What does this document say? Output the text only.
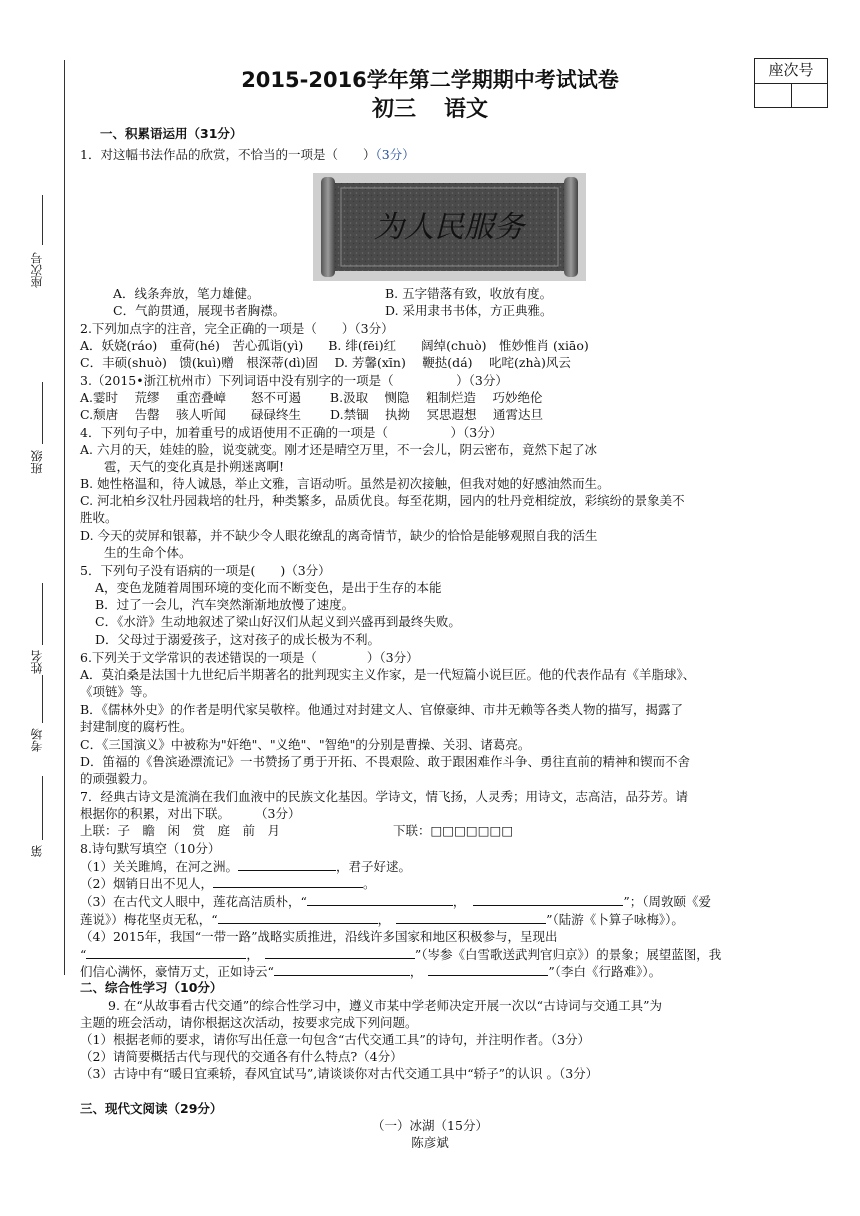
座次号
班级
姓名
考场
第
座次号
2015-2016学年第二学期期中考试试卷
初三 语文
一、积累语运用（31分）
1．对这幅书法作品的欣赏，不恰当的一项是（　　）（3分）
为人民服务
A．线条奔放，笔力雄健。	B. 五字错落有致，收放有度。
C．气韵贯通，展现书者胸襟。	D. 采用隶书书体，方正典雅。
2.下列加点字的注音，完全正确的一项是（　　）（3分）
A．妖娆(ráo)　重荷(hé)　苦心孤诣(yì)　　B. 绯(fēi)红　　阔绰(chuò)　惟妙惟肖 (xiāo)
C．丰硕(shuò)　馈(kuì)赠　根深蒂(dì)固　 D. 芳馨(xīn)　 鞭挞(dá)　 叱咤(zhà)风云
3.（2015•浙江杭州市）下列词语中没有别字的一项是（　　　　　）（3分）
A.霎时　 荒缪　 重峦叠嶂　　怒不可遏　　 B.汲取　 恻隐　 粗制烂造　 巧妙绝伦
C.颓唐　 告罄　 骇人听闻　　碌碌终生　　 D.禁锢　 执拗　 冥思遐想　 通霄达旦
4．下列句子中，加着重号的成语使用不正确的一项是（　　　　　）（3分）
A. 六月的天，娃娃的脸，说变就变。刚才还是晴空万里，不一会儿，阴云密布，竟然下起了冰
雹，天气的变化真是扑朔迷离啊!
B. 她性格温和，待人诚恳，举止文雅，言语动听。虽然是初次接触，但我对她的好感油然而生。
C. 河北柏乡汉牡丹园栽培的牡丹，种类繁多，品质优良。每至花期，园内的牡丹竞相绽放，彩缤纷的景象美不
胜收。
D. 今天的荧屏和银幕，并不缺少令人眼花缭乱的离奇情节，缺少的恰恰是能够观照自我的活生
生的生命个体。
5．下列句子没有语病的一项是(　　)（3分）
A，变色龙随着周围环境的变化而不断变色，是出于生存的本能
B．过了一会儿，汽车突然渐渐地放慢了速度。
C．《水浒》生动地叙述了梁山好汉们从起义到兴盛再到最终失败。
D．父母过于溺爱孩子，这对孩子的成长极为不利。
6.下列关于文学常识的表述错误的一项是（　　　　）（3分）
A．莫泊桑是法国十九世纪后半期著名的批判现实主义作家，是一代短篇小说巨匠。他的代表作品有《羊脂球》、
《项链》等。
B．《儒林外史》的作者是明代家吴敬梓。他通过对封建文人、官僚豪绅、市井无赖等各类人物的描写，揭露了
封建制度的腐朽性。
C．《三国演义》中被称为"奸绝"、"义绝"、"智绝"的分别是曹操、关羽、诸葛亮。
D．笛福的《鲁滨逊漂流记》一书赞扬了勇于开拓、不畏艰险、敢于跟困难作斗争、勇往直前的精神和锲而不舍
的顽强毅力。
7．经典古诗文是流淌在我们血液中的民族文化基因。学诗文，情飞扬，人灵秀；用诗文，志高洁，品芬芳。请
根据你的积累，对出下联。　　　（3分）
上联：子　瞻　闲　赏　庭　前　月	下联：□□□□□□□
8.诗句默写填空（10分）
（1）关关雎鸠，在河之洲。	，君子好逑。
（2）烟销日出不见人，	。
（3）在古代文人眼中，莲花高洁质朴，“	，	”；（周敦颐《爱
莲说》）梅花坚贞无私，“	，	”（陆游《卜算子咏梅》）。
（4）2015年，我国“一带一路”战略实质推进，沿线许多国家和地区积极参与，呈现出
“	，	”（岑参《白雪歌送武判官归京》）的景象；展望蓝图，我
们信心满怀，豪情万丈，正如诗云“	，	”（李白《行路难》）。
二、综合性学习（10分）
9. 在“从故事看古代交通”的综合性学习中，遵义市某中学老师决定开展一次以“古诗词与交通工具”为
主题的班会活动，请你根据这次活动，按要求完成下列问题。
（1）根据老师的要求，请你写出任意一句包含“古代交通工具”的诗句，并注明作者。（3分）
（2）请简要概括古代与现代的交通各有什么特点?（4分）
（3）古诗中有“暖日宜乘轿，春风宜试马”,请谈谈你对古代交通工具中“轿子”的认识 。（3分）
三、现代文阅读（29分）
（一）冰湖（15分）
陈彦斌
